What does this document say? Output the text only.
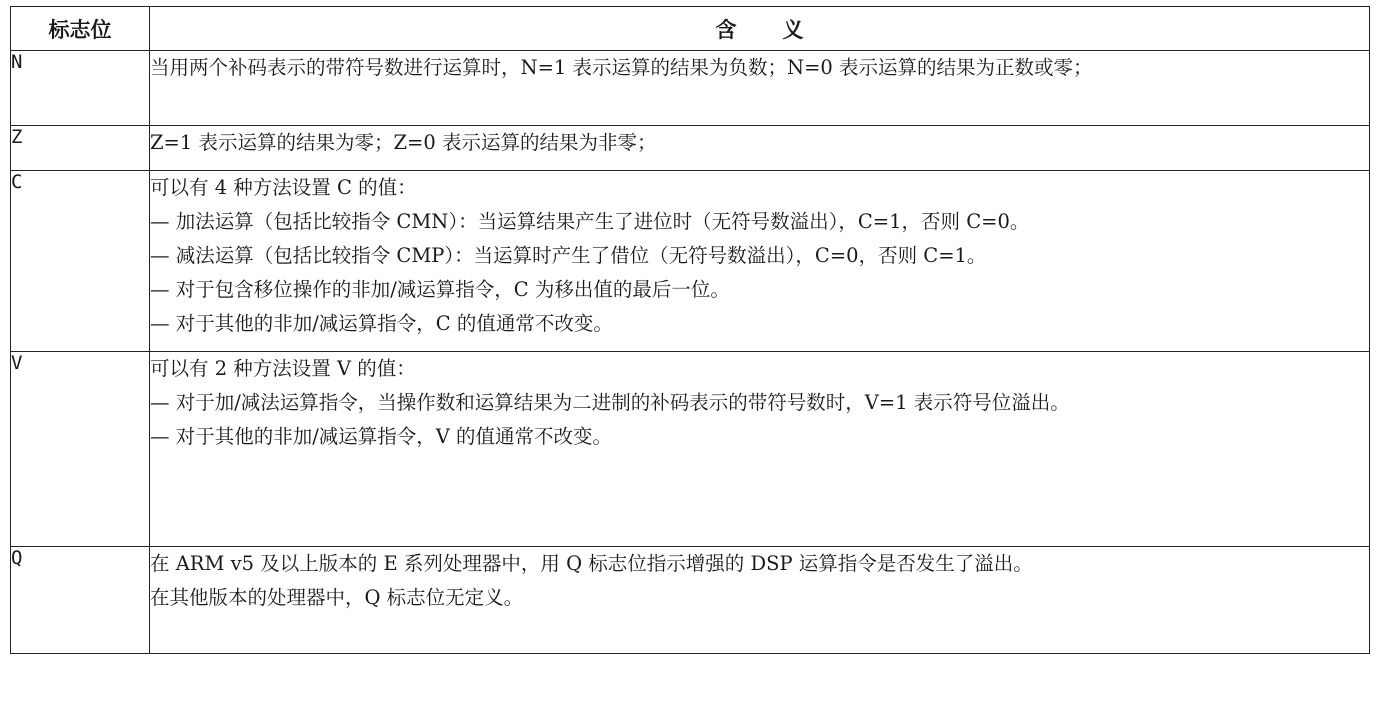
标志位	含 义
N	当用两个补码表示的带符号数进行运算时，N=1 表示运算的结果为负数；N=0 表示运算的结果为正数或零；

Z	Z=1 表示运算的结果为零；Z=0 表示运算的结果为非零；

C	可以有 4 种方法设置 C 的值：
— 加法运算（包括比较指令 CMN）：当运算结果产生了进位时（无符号数溢出），C=1，否则 C=0。
— 减法运算（包括比较指令 CMP）：当运算时产生了借位（无符号数溢出），C=0，否则 C=1。
— 对于包含移位操作的非加/减运算指令，C 为移出值的最后一位。
— 对于其他的非加/减运算指令，C 的值通常不改变。

V	可以有 2 种方法设置 V 的值：
— 对于加/减法运算指令，当操作数和运算结果为二进制的补码表示的带符号数时，V=1 表示符号位溢出。
— 对于其他的非加/减运算指令，V 的值通常不改变。

Q	在 ARM v5 及以上版本的 E 系列处理器中，用 Q 标志位指示增强的 DSP 运算指令是否发生了溢出。
在其他版本的处理器中，Q 标志位无定义。
